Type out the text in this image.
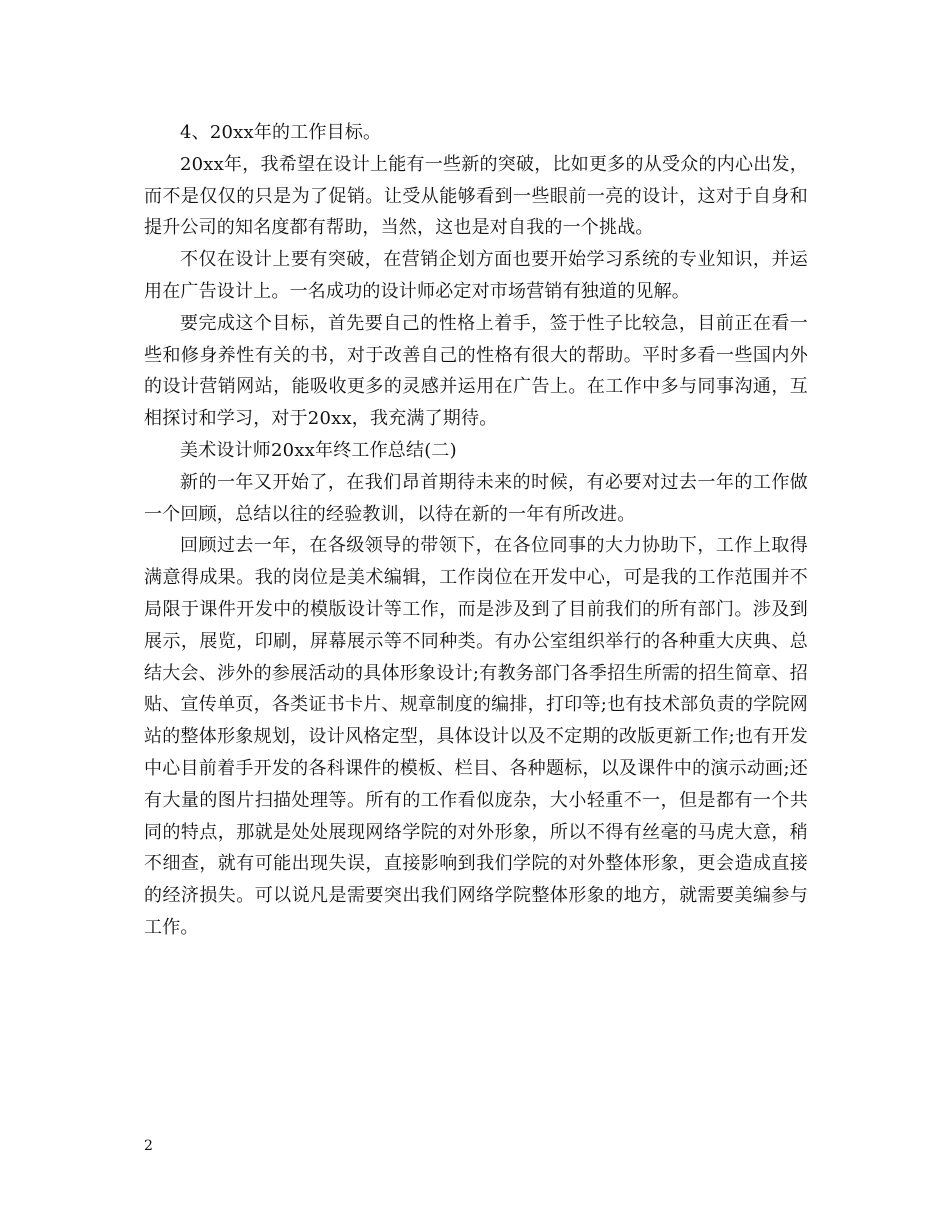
4、20xx年的工作目标。

20xx年，我希望在设计上能有一些新的突破，比如更多的从受众的内心出发，而不是仅仅的只是为了促销。让受从能够看到一些眼前一亮的设计，这对于自身和提升公司的知名度都有帮助，当然，这也是对自我的一个挑战。

不仅在设计上要有突破，在营销企划方面也要开始学习系统的专业知识，并运用在广告设计上。一名成功的设计师必定对市场营销有独道的见解。

要完成这个目标，首先要自己的性格上着手，签于性子比较急，目前正在看一些和修身养性有关的书，对于改善自己的性格有很大的帮助。平时多看一些国内外的设计营销网站，能吸收更多的灵感并运用在广告上。在工作中多与同事沟通，互相探讨和学习，对于20xx，我充满了期待。

美术设计师20xx年终工作总结(二)

新的一年又开始了，在我们昂首期待未来的时候，有必要对过去一年的工作做一个回顾，总结以往的经验教训，以待在新的一年有所改进。

回顾过去一年，在各级领导的带领下，在各位同事的大力协助下，工作上取得满意得成果。我的岗位是美术编辑，工作岗位在开发中心，可是我的工作范围并不局限于课件开发中的模版设计等工作，而是涉及到了目前我们的所有部门。涉及到展示，展览，印刷，屏幕展示等不同种类。有办公室组织举行的各种重大庆典、总结大会、涉外的参展活动的具体形象设计;有教务部门各季招生所需的招生简章、招贴、宣传单页，各类证书卡片、规章制度的编排，打印等;也有技术部负责的学院网站的整体形象规划，设计风格定型，具体设计以及不定期的改版更新工作;也有开发中心目前着手开发的各科课件的模板、栏目、各种题标，以及课件中的演示动画;还有大量的图片扫描处理等。所有的工作看似庞杂，大小轻重不一，但是都有一个共同的特点，那就是处处展现网络学院的对外形象，所以不得有丝毫的马虎大意，稍不细查，就有可能出现失误，直接影响到我们学院的对外整体形象，更会造成直接的经济损失。可以说凡是需要突出我们网络学院整体形象的地方，就需要美编参与工作。

2
